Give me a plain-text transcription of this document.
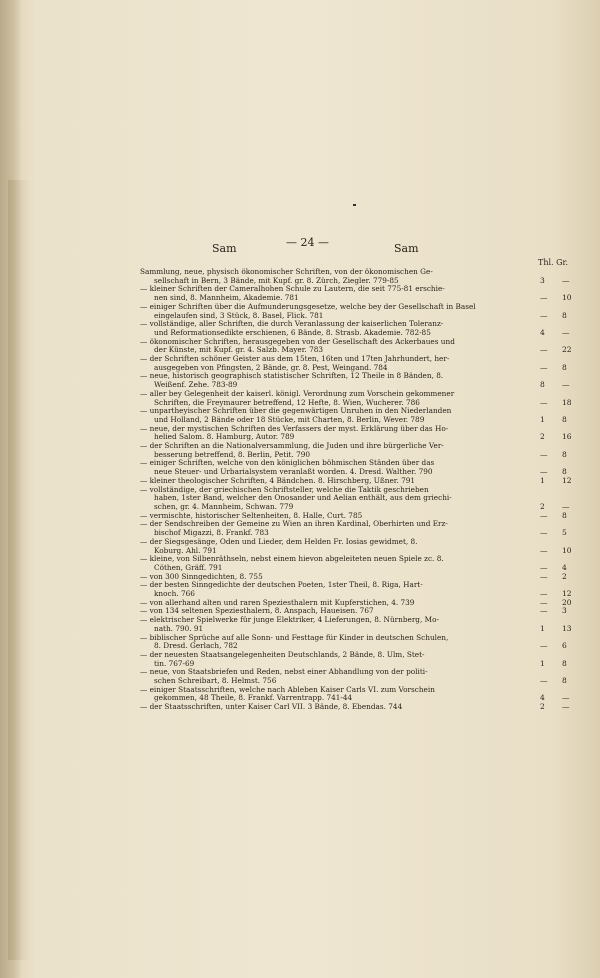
Sam	— 24 —	Sam
Thl. Gr.
Sammlung, neue, physisch ökonomischer Schriften, von der ökonomischen Ge-
sellschaft in Bern, 3 Bände, mit Kupf. gr. 8. Zürch, Ziegler. 779-85	3 —
— kleiner Schriften der Cameralhohen Schule zu Lautern, die seit 775-81 erschie-
nen sind, 8. Mannheim, Akademie. 781	— 10
— einiger Schriften über die Aufmunderungsgesetze, welche bey der Gesellschaft in Basel
eingelaufen sind, 3 Stück, 8. Basel, Flick. 781	— 8
— vollständige, aller Schriften, die durch Veranlassung der kaiserlichen Toleranz-
und Reformationsedikte erschienen, 6 Bände, 8. Strasb. Akademie. 782-85	4 —
— ökonomischer Schriften, herausgegeben von der Gesellschaft des Ackerbaues und
der Künste, mit Kupf. gr. 4. Salzb. Mayer. 783	— 22
— der Schriften schöner Geister aus dem 15ten, 16ten und 17ten Jahrhundert, her-
ausgegeben von Pfingsten, 2 Bände, gr. 8. Pest, Weingand. 784	— 8
— neue, historisch geographisch statistischer Schriften, 12 Theile in 8 Bänden, 8.
Weißenf. Zehe. 783-89	8 —
— aller bey Gelegenheit der kaiserl. königl. Verordnung zum Vorschein gekommener
Schriften, die Freymaurer betreffend, 12 Hefte, 8. Wien, Wucherer. 786	— 18
— unpartheyischer Schriften über die gegenwärtigen Unruhen in den Niederlanden
und Holland, 2 Bände oder 18 Stücke, mit Charten, 8. Berlin, Wever. 789	1 8
— neue, der mystischen Schriften des Verfassers der myst. Erklärung über das Ho-
helied Salom. 8. Hamburg, Autor. 789	2 16
— der Schriften an die Nationalversammlung, die Juden und ihre bürgerliche Ver-
besserung betreffend, 8. Berlin, Petit. 790	— 8
— einiger Schriften, welche von den königlichen böhmischen Ständen über das
neue Steuer- und Urbarialsystem veranlaßt worden. 4. Dresd. Walther. 790	— 8
— kleiner theologischer Schriften, 4 Bändchen. 8. Hirschberg, Ußner. 791	1 12
— vollständige, der griechischen Schriftsteller, welche die Taktik geschrieben
haben, 1ster Band, welcher den Onosander und Aelian enthält, aus dem griechi-
schen, gr. 4. Mannheim, Schwan. 779	2 —
— vermischte, historischer Seltenheiten, 8. Halle, Curt. 785	— 8
— der Sendschreiben der Gemeine zu Wien an ihren Kardinal, Oberhirten und Erz-
bischof Migazzi, 8. Frankf. 783	— 5
— der Siegsgesänge, Oden und Lieder, dem Helden Fr. Iosias gewidmet, 8.
Koburg. Ahl. 791	— 10
— kleine, von Silbenräthseln, nebst einem hievon abgeleiteten neuen Spiele zc. 8.
Cöthen, Gräff. 791	— 4
— von 300 Sinngedichten, 8. 755	— 2
— der besten Sinngedichte der deutschen Poeten, 1ster Theil, 8. Riga, Hart-
knoch. 766	— 12
— von allerhand alten und raren Speziesthalern mit Kupferstichen, 4. 739	— 20
— von 134 seltenen Speziesthalern, 8. Anspach, Haueisen. 767	— 3
— elektrischer Spielwerke für junge Elektriker, 4 Lieferungen, 8. Nürnberg, Mo-
nath. 790. 91	1 13
— biblischer Sprüche auf alle Sonn- und Festtage für Kinder in deutschen Schulen,
8. Dresd. Gerlach, 782	— 6
— der neuesten Staatsangelegenheiten Deutschlands, 2 Bände, 8. Ulm, Stet-
tin. 767-69	1 8
— neue, von Staatsbriefen und Reden, nebst einer Abhandlung von der politi-
schen Schreibart, 8. Helmst. 756	— 8
— einiger Staatsschriften, welche nach Ableben Kaiser Carls VI. zum Vorschein
gekommen, 48 Theile, 8. Frankf. Varrentrapp. 741-44	4 —
— der Staatsschriften, unter Kaiser Carl VII. 3 Bände, 8. Ebendas. 744	2 —
